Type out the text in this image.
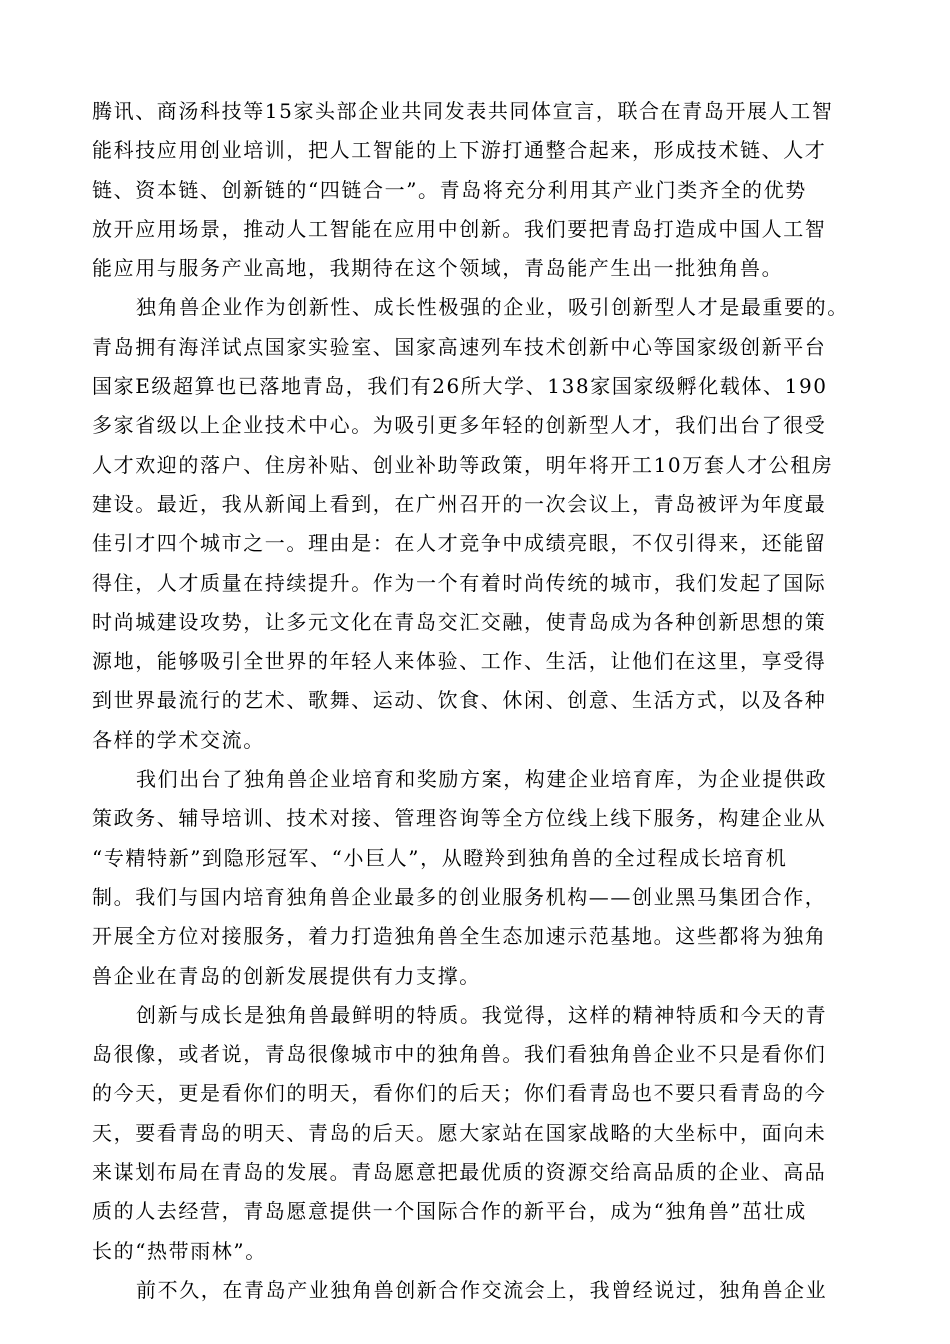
腾讯、商汤科技等15家头部企业共同发表共同体宣言，联合在青岛开展人工智
能科技应用创业培训，把人工智能的上下游打通整合起来，形成技术链、人才
链、资本链、创新链的“四链合一”。青岛将充分利用其产业门类齐全的优势
放开应用场景，推动人工智能在应用中创新。我们要把青岛打造成中国人工智
能应用与服务产业高地，我期待在这个领域，青岛能产生出一批独角兽。
独角兽企业作为创新性、成长性极强的企业，吸引创新型人才是最重要的。
青岛拥有海洋试点国家实验室、国家高速列车技术创新中心等国家级创新平台
国家E级超算也已落地青岛，我们有26所大学、138家国家级孵化载体、190
多家省级以上企业技术中心。为吸引更多年轻的创新型人才，我们出台了很受
人才欢迎的落户、住房补贴、创业补助等政策，明年将开工10万套人才公租房
建设。最近，我从新闻上看到，在广州召开的一次会议上，青岛被评为年度最
佳引才四个城市之一。理由是：在人才竞争中成绩亮眼，不仅引得来，还能留
得住，人才质量在持续提升。作为一个有着时尚传统的城市，我们发起了国际
时尚城建设攻势，让多元文化在青岛交汇交融，使青岛成为各种创新思想的策
源地，能够吸引全世界的年轻人来体验、工作、生活，让他们在这里，享受得
到世界最流行的艺术、歌舞、运动、饮食、休闲、创意、生活方式，以及各种
各样的学术交流。
我们出台了独角兽企业培育和奖励方案，构建企业培育库，为企业提供政
策政务、辅导培训、技术对接、管理咨询等全方位线上线下服务，构建企业从
“专精特新”到隐形冠军、“小巨人”，从瞪羚到独角兽的全过程成长培育机
制。我们与国内培育独角兽企业最多的创业服务机构——创业黑马集团合作，
开展全方位对接服务，着力打造独角兽全生态加速示范基地。这些都将为独角
兽企业在青岛的创新发展提供有力支撑。
创新与成长是独角兽最鲜明的特质。我觉得，这样的精神特质和今天的青
岛很像，或者说，青岛很像城市中的独角兽。我们看独角兽企业不只是看你们
的今天，更是看你们的明天，看你们的后天；你们看青岛也不要只看青岛的今
天，要看青岛的明天、青岛的后天。愿大家站在国家战略的大坐标中，面向未
来谋划布局在青岛的发展。青岛愿意把最优质的资源交给高品质的企业、高品
质的人去经营，青岛愿意提供一个国际合作的新平台，成为“独角兽”茁壮成
长的“热带雨林”。
前不久，在青岛产业独角兽创新合作交流会上，我曾经说过，独角兽企业
